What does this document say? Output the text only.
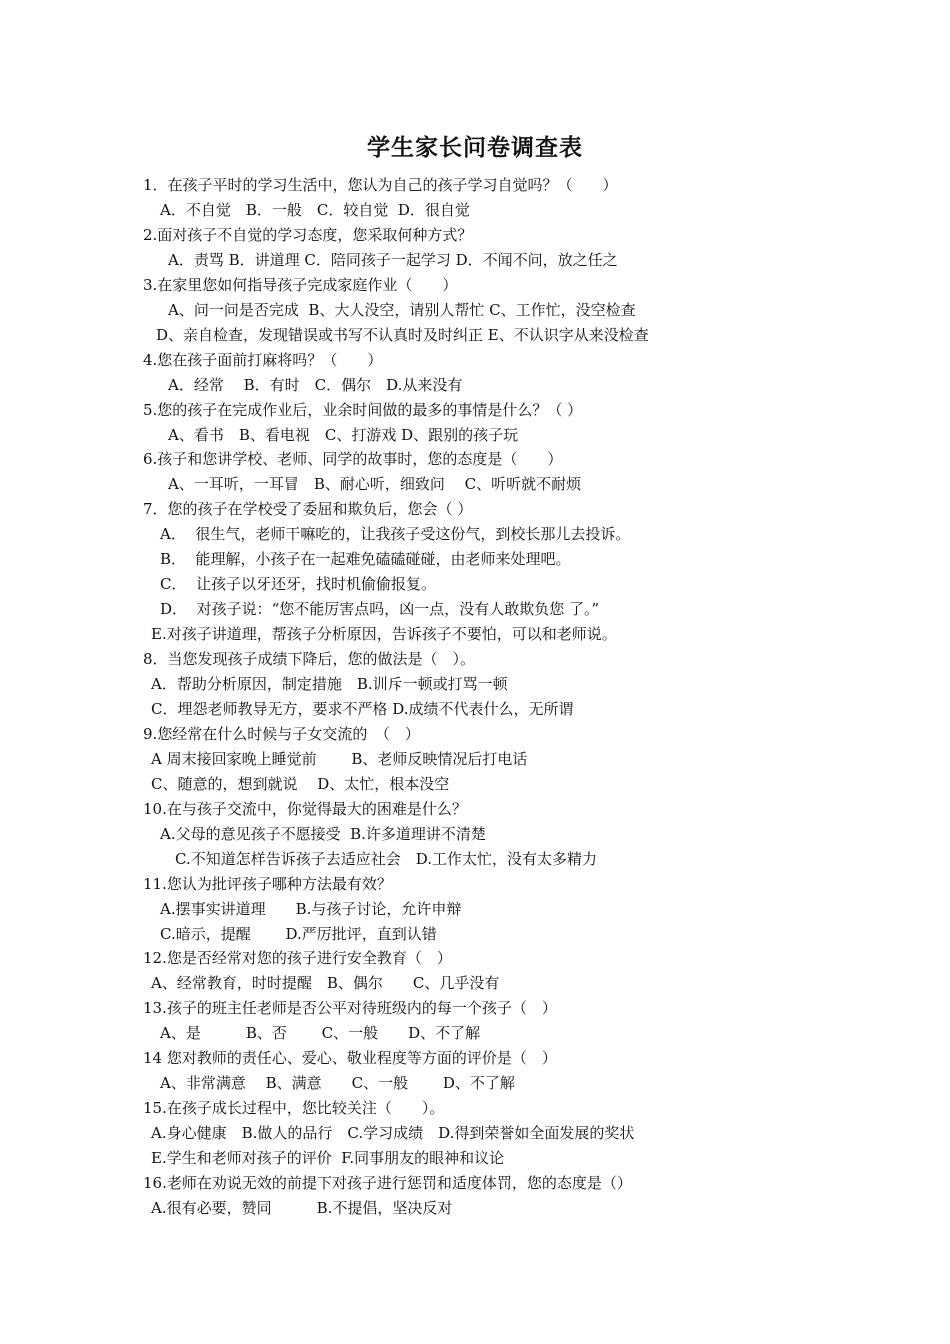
学生家长问卷调查表
1．在孩子平时的学习生活中，您认为自己的孩子学习自觉吗？（　　）
A．不自觉　B．一般　C．较自觉  D．很自觉
2.面对孩子不自觉的学习态度，您采取何种方式？
A．责骂 B．讲道理 C．陪同孩子一起学习 D．不闻不问，放之任之
3.在家里您如何指导孩子完成家庭作业（　　）
A、问一问是否完成  B、大人没空，请别人帮忙 C、工作忙，没空检查
D、亲自检查，发现错误或书写不认真时及时纠正 E、不认识字从来没检查
4.您在孩子面前打麻将吗？（　　）
A．经常　 B．有时　C．偶尔　D.从来没有
5.您的孩子在完成作业后，业余时间做的最多的事情是什么？（ ）
A、看书　B、看电视　C、打游戏 D、跟别的孩子玩
6.孩子和您讲学校、老师、同学的故事时，您的态度是（　　）
A、一耳听，一耳冒　B、耐心听，细致问　 C、听听就不耐烦
7．您的孩子在学校受了委屈和欺负后，您会（ ）
A．  很生气，老师干嘛吃的，让我孩子受这份气，到校长那儿去投诉。
B．  能理解，小孩子在一起难免磕磕碰碰，由老师来处理吧。
C．  让孩子以牙还牙，找时机偷偷报复。
D．  对孩子说：“您不能厉害点吗，凶一点，没有人敢欺负您 了。”
E.对孩子讲道理，帮孩子分析原因，告诉孩子不要怕，可以和老师说。
8．当您发现孩子成绩下降后，您的做法是（　）。
A．帮助分析原因，制定措施　B.训斥一顿或打骂一顿
C．埋怨老师教导无方，要求不严格 D.成绩不代表什么，无所谓
9.您经常在什么时候与子女交流的　（　）
A 周末接回家晚上睡觉前　　 B、老师反映情况后打电话
C、随意的，想到就说　 D、太忙，根本没空
10.在与孩子交流中，你觉得最大的困难是什么？
A.父母的意见孩子不愿接受  B.许多道理讲不清楚
C.不知道怎样告诉孩子去适应社会　D.工作太忙，没有太多精力
11.您认为批评孩子哪种方法最有效？
A.摆事实讲道理　　B.与孩子讨论，允许申辩
C.暗示，提醒　　 D.严厉批评，直到认错
12.您是否经常对您的孩子进行安全教育（　）
A、经常教育，时时提醒　B、偶尔　　C、几乎没有
13.孩子的班主任老师是否公平对待班级内的每一个孩子（　）
A、是　　　B、否　　 C、一般　　D、不了解
14 您对教师的责任心、爱心、敬业程度等方面的评价是（　）
A、非常满意　 B、满意　　C、一般　　 D、不了解
15.在孩子成长过程中，您比较关注（　　）。
A.身心健康　B.做人的品行　C.学习成绩　D.得到荣誉如全面发展的奖状
E.学生和老师对孩子的评价  F.同事朋友的眼神和议论
16.老师在劝说无效的前提下对孩子进行惩罚和适度体罚，您的态度是（）
A.很有必要，赞同　　　B.不提倡，坚决反对
